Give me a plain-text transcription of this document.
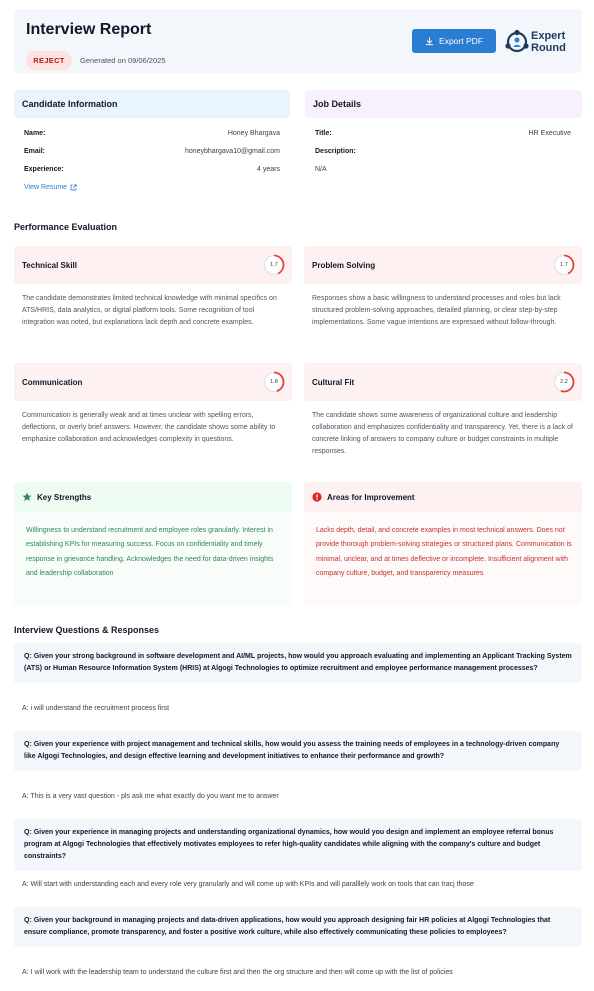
Interview Report
REJECT	Generated on 09/06/2025
Export PDF	Expert
Round
Candidate Information
Name:	Honey Bhargava
Email:	honeybhargava10@gmail.com
Experience:	4 years
View Resume
Job Details
Title:	HR Executive
Description:
N/A
Performance Evaluation
Technical Skill	1.7
The candidate demonstrates limited technical knowledge with minimal specifics on ATS/HRIS, data analytics, or digital platform tools. Some recognition of tool integration was noted, but explanations lack depth and concrete examples.
Problem Solving	1.7
Responses show a basic willingness to understand processes and roles but lack structured problem-solving approaches, detailed planning, or clear step-by-step implementations. Some vague intentions are expressed without follow-through.
Communication	1.8
Communication is generally weak and at times unclear with spelling errors, deflections, or overly brief answers. However, the candidate shows some ability to emphasize collaboration and acknowledges complexity in questions.
Cultural Fit	2.2
The candidate shows some awareness of organizational culture and leadership collaboration and emphasizes confidentiality and transparency. Yet, there is a lack of concrete linking of answers to company culture or budget constraints in multiple responses.
Key Strengths
Willingness to understand recruitment and employee roles granularly. Interest in establishing KPIs for measuring success. Focus on confidentiality and timely response in grievance handling. Acknowledges the need for data-driven insights and leadership collaboration
Areas for Improvement
Lacks depth, detail, and concrete examples in most technical answers. Does not provide thorough problem-solving strategies or structured plans. Communication is minimal, unclear, and at times deflective or incomplete. Insufficient alignment with company culture, budget, and transparency measures
Interview Questions & Responses
Q: Given your strong background in software development and AI/ML projects, how would you approach evaluating and implementing an Applicant Tracking System (ATS) or Human Resource Information System (HRIS) at Algogi Technologies to optimize recruitment and employee performance management processes?
A: i will understand the recruitment process first
Q: Given your experience with project management and technical skills, how would you assess the training needs of employees in a technology-driven company like Algogi Technologies, and design effective learning and development initiatives to enhance their performance and growth?
A: This is a very vast question - pls ask me what exactly do you want me to answer
Q: Given your experience in managing projects and understanding organizational dynamics, how would you design and implement an employee referral bonus program at Algogi Technologies that effectively motivates employees to refer high-quality candidates while aligning with the company's culture and budget constraints?
A: Will start with understanding each and every role very granularly and will come up with KPIs and will paralllely work on tools that can tracj those
Q: Given your background in managing projects and data-driven applications, how would you approach designing fair HR policies at Algogi Technologies that ensure compliance, promote transparency, and foster a positive work culture, while also effectively communicating these policies to employees?
A: I will work with the leadership team to understand the culture first and then the org structure and then will come up with the list of policies
